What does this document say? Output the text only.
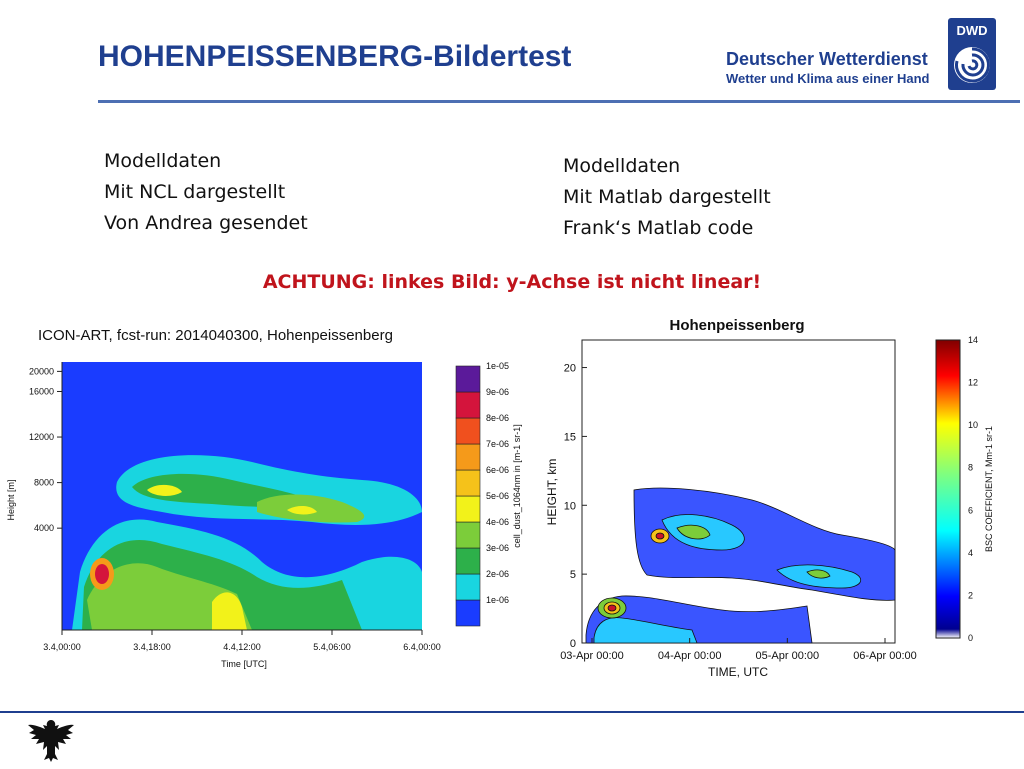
HOHENPEISSENBERG-Bildertest
DWD
Deutscher Wetterdienst
Wetter und Klima aus einer Hand
Modelldaten
Mit NCL dargestellt
Von Andrea gesendet
Modelldaten
Mit Matlab dargestellt
Frank‘s Matlab code
ACHTUNG: linkes Bild: y-Achse ist nicht linear!
ICON-ART, fcst-run: 2014040300, Hohenpeissenberg
3.4,00:00	3.4,18:00	4.4,12:00	5.4,06:00	6.4,00:00
4000
8000
12000
16000
20000
Time [UTC]
Height [m]
1e-06
2e-06
3e-06
4e-06
5e-06
6e-06
7e-06
8e-06
9e-06
1e-05
cell_dust_1064nm in [m-1 sr-1]
Hohenpeissenberg
03-Apr 00:00	04-Apr 00:00	05-Apr 00:00	06-Apr 00:00
0
5
10
15
20
TIME, UTC
HEIGHT, km
0
2
4
6
8
10
12
14
BSC COEFFICIENT, Mm-1 sr-1
